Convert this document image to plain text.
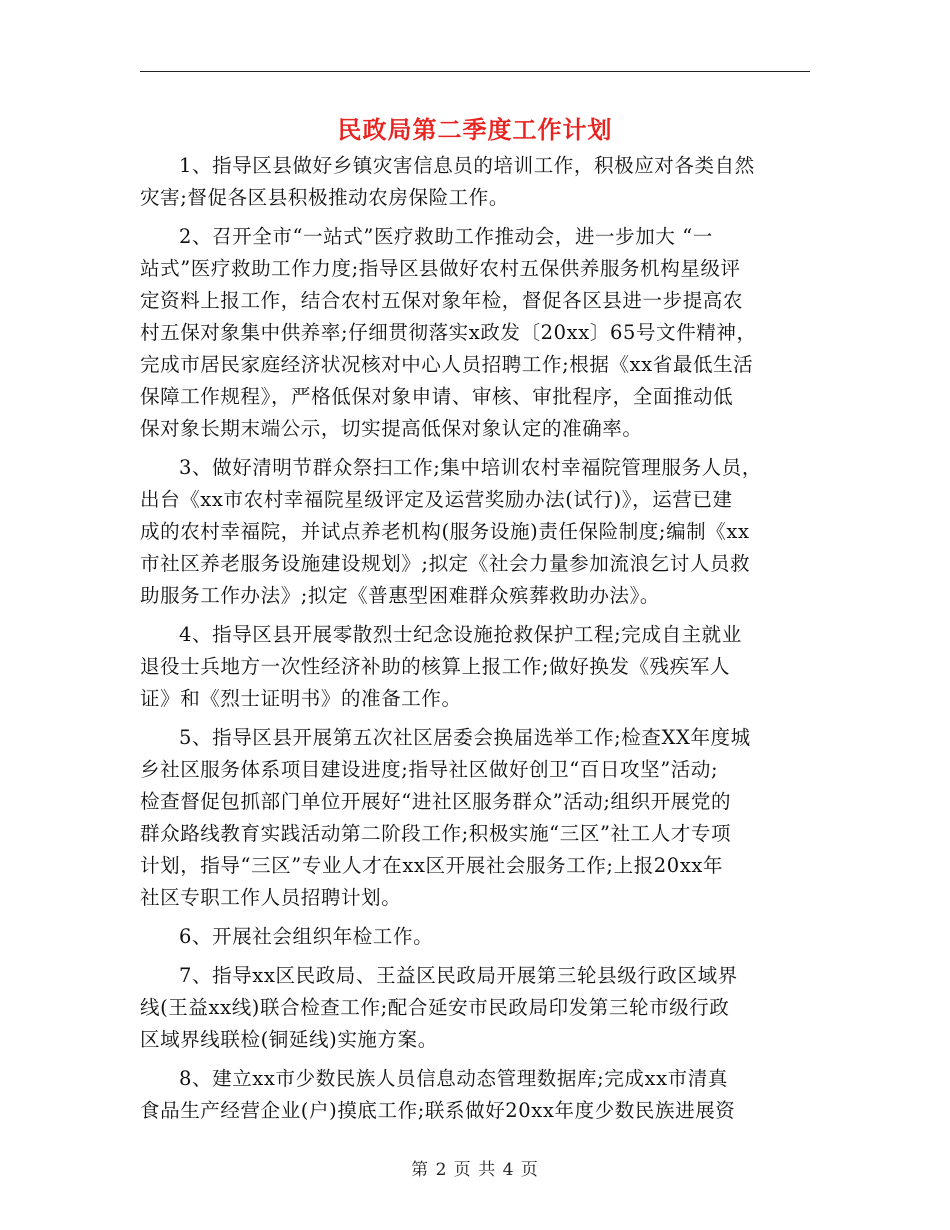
民政局第二季度工作计划

1、指导区县做好乡镇灾害信息员的培训工作，积极应对各类自然
灾害;督促各区县积极推动农房保险工作。

2、召开全市“一站式”医疗救助工作推动会，进一步加大 “一
站式”医疗救助工作力度;指导区县做好农村五保供养服务机构星级评
定资料上报工作，结合农村五保对象年检，督促各区县进一步提高农
村五保对象集中供养率;仔细贯彻落实x政发〔20xx〕65号文件精神，
完成市居民家庭经济状况核对中心人员招聘工作;根据《xx省最低生活
保障工作规程》，严格低保对象申请、审核、审批程序，全面推动低
保对象长期末端公示，切实提高低保对象认定的准确率。

3、做好清明节群众祭扫工作;集中培训农村幸福院管理服务人员，
出台《xx市农村幸福院星级评定及运营奖励办法(试行)》，运营已建
成的农村幸福院，并试点养老机构(服务设施)责任保险制度;编制《xx
市社区养老服务设施建设规划》;拟定《社会力量参加流浪乞讨人员救
助服务工作办法》;拟定《普惠型困难群众殡葬救助办法》。

4、指导区县开展零散烈士纪念设施抢救保护工程;完成自主就业
退役士兵地方一次性经济补助的核算上报工作;做好换发《残疾军人
证》和《烈士证明书》的准备工作。

5、指导区县开展第五次社区居委会换届选举工作;检查XX年度城
乡社区服务体系项目建设进度;指导社区做好创卫“百日攻坚”活动;
检查督促包抓部门单位开展好“进社区服务群众”活动;组织开展党的
群众路线教育实践活动第二阶段工作;积极实施“三区”社工人才专项
计划，指导“三区”专业人才在xx区开展社会服务工作;上报20xx年
社区专职工作人员招聘计划。

6、开展社会组织年检工作。

7、指导xx区民政局、王益区民政局开展第三轮县级行政区域界
线(王益xx线)联合检查工作;配合延安市民政局印发第三轮市级行政
区域界线联检(铜延线)实施方案。

8、建立xx市少数民族人员信息动态管理数据库;完成xx市清真
食品生产经营企业(户)摸底工作;联系做好20xx年度少数民族进展资

第 2 页 共 4 页
